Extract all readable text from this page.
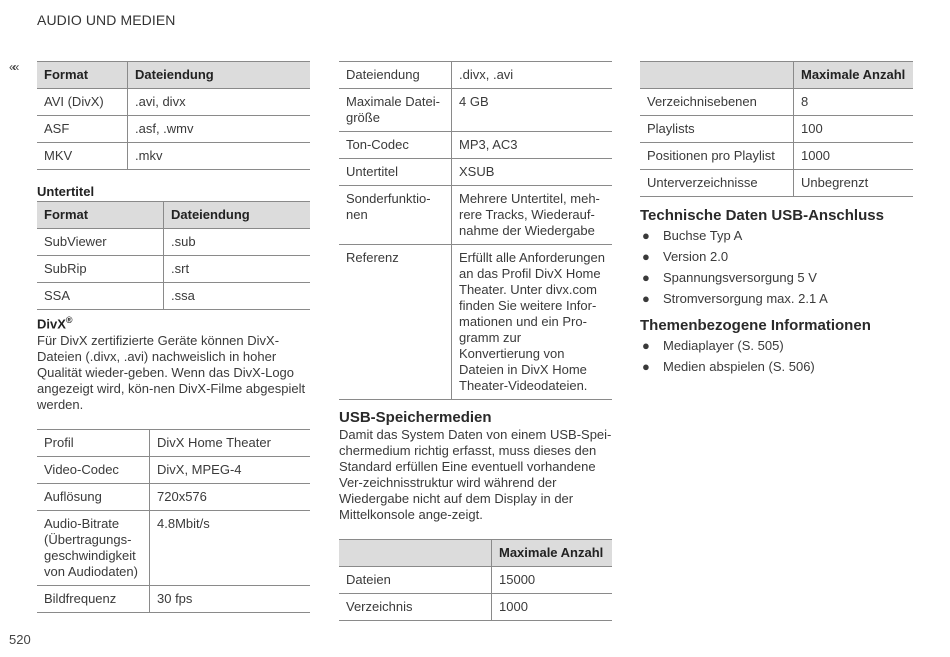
AUDIO UND MEDIEN
««
520
Format	Dateiendung
AVI (DivX)	.avi, divx
ASF	.asf, .wmv
MKV	.mkv
Untertitel
Format	Dateiendung
SubViewer	.sub
SubRip	.srt
SSA	.ssa
DivX®

Für DivX zertifizierte Geräte können DivX-Dateien (.divx, .avi) nachweislich in hoher Qualität wieder-geben. Wenn das DivX-Logo angezeigt wird, kön-nen DivX-Filme abgespielt werden.

Profil	DivX Home Theater
Video-Codec	DivX, MPEG-4
Auflösung	720x576
Audio-Bitrate (Übertragungs-geschwindigkeit von Audiodaten)	4.8Mbit/s
Bildfrequenz	30 fps
Dateiendung	.divx, .avi
Maximale Datei-größe	4 GB
Ton-Codec	MP3, AC3
Untertitel	XSUB
Sonderfunktio-nen	Mehrere Untertitel, meh-rere Tracks, Wiederauf-nahme der Wiedergabe
Referenz	Erfüllt alle Anforderungen an das Profil DivX Home Theater. Unter divx.com finden Sie weitere Infor-mationen und ein Pro-gramm zur Konvertierung von Dateien in DivX Home Theater-Videodateien.
USB-Speichermedien

Damit das System Daten von einem USB-Spei-chermedium richtig erfasst, muss dieses den Standard erfüllen Eine eventuell vorhandene Ver-zeichnisstruktur wird während der Wiedergabe nicht auf dem Display in der Mittelkonsole ange-zeigt.

	Maximale Anzahl
Dateien	15000
Verzeichnis	1000
	Maximale Anzahl
Verzeichnisebenen	8
Playlists	100
Positionen pro Playlist	1000
Unterverzeichnisse	Unbegrenzt
Technische Daten USB-Anschluss
● Buchse Typ A
● Version 2.0
● Spannungsversorgung 5 V
● Stromversorgung max. 2.1 A
Themenbezogene Informationen
● Mediaplayer (S. 505)
● Medien abspielen (S. 506)
